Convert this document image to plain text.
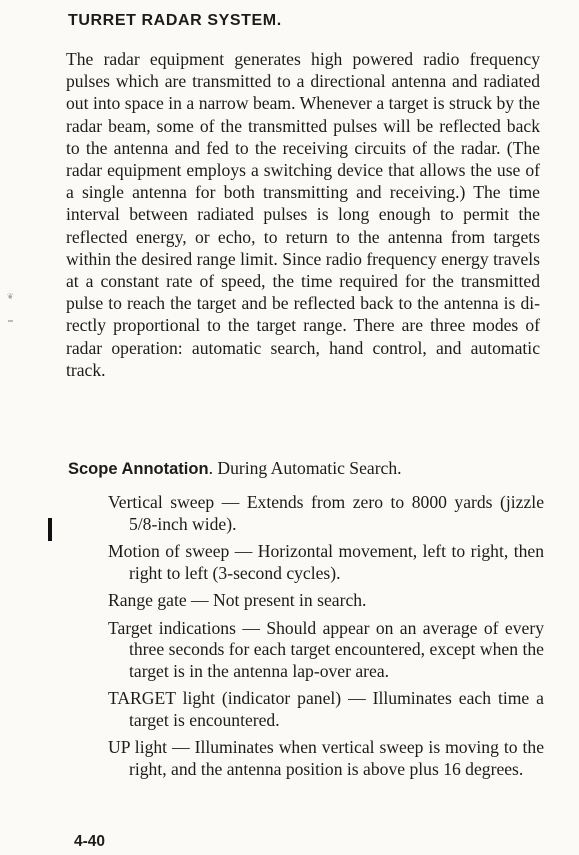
TURRET RADAR SYSTEM.
The radar equipment generates high powered radio frequency pulses which are transmitted to a directional antenna and radiated out into space in a narrow beam. Whenever a target is struck by the radar beam, some of the transmitted pulses will be reflected back to the antenna and fed to the receiving circuits of the radar. (The radar equipment employs a switching device that allows the use of a single antenna for both transmitting and receiving.) The time interval between radiated pulses is long enough to permit the reflected energy, or echo, to return to the antenna from targets within the desired range limit. Since radio frequency energy travels at a constant rate of speed, the time required for the transmitted pulse to reach the target and be reflected back to the antenna is directly proportional to the target range. There are three modes of radar operation: automatic search, hand control, and automatic track.
❦
Scope Annotation. During Automatic Search.
Vertical sweep — Extends from zero to 8000 yards (jizzle 5/8-inch wide).
Motion of sweep — Horizontal movement, left to right, then right to left (3-second cycles).
Range gate — Not present in search.
Target indications — Should appear on an average of every three seconds for each target encountered, except when the target is in the antenna lap-over area.
TARGET light (indicator panel) — Illuminates each time a target is encountered.
UP light — Illuminates when vertical sweep is moving to the right, and the antenna position is above plus 16 degrees.
4-40
